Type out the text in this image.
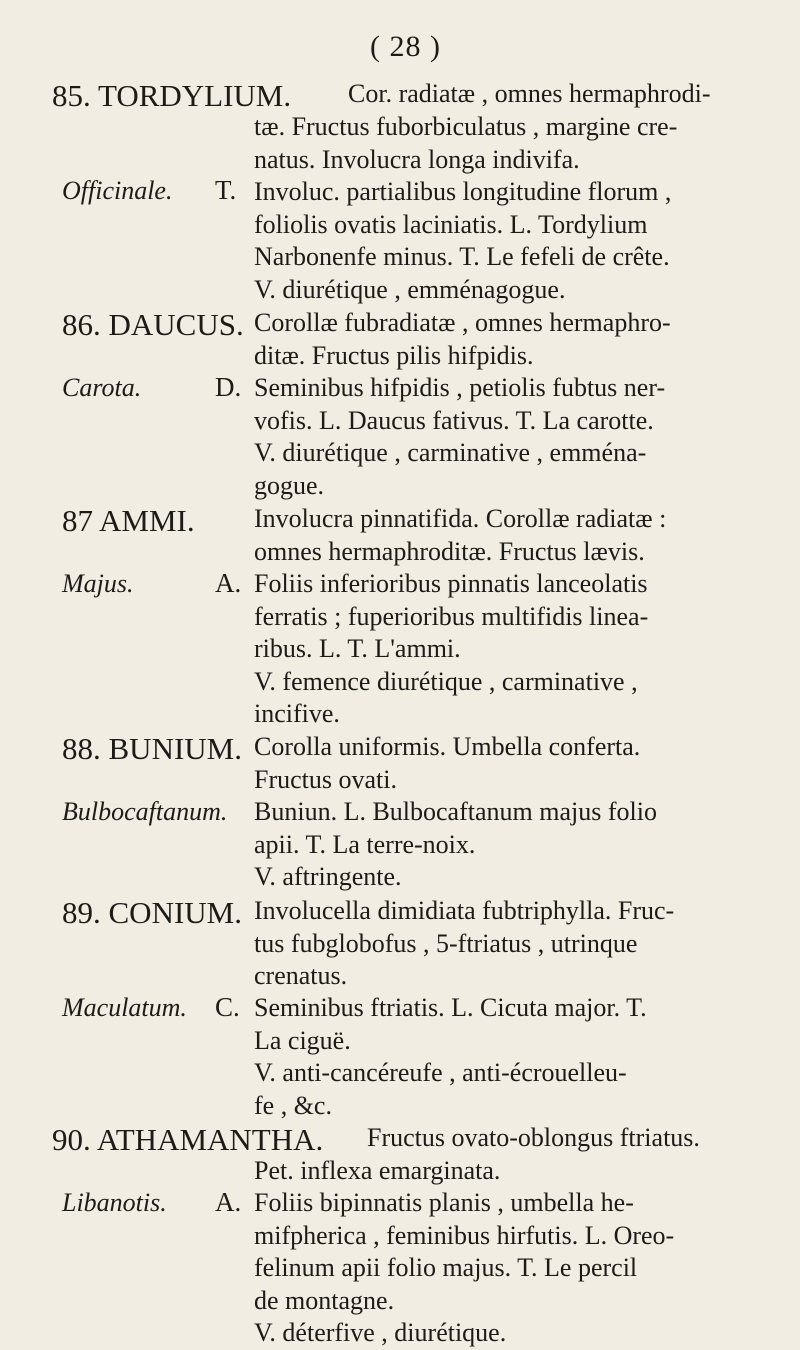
( 28 )
85. TORDYLIUM. Cor. radiatæ , omnes hermaphrodi-
tæ. Fructus fuborbiculatus , margine cre-
natus. Involucra longa indivifa.
Officinale. T. Involuc. partialibus longitudine florum ,
foliolis ovatis laciniatis. L. Tordylium
Narbonenfe minus. T. Le fefeli de crête.
V. diurétique , emménagogue.
86. DAUCUS. Corollæ fubradiatæ , omnes hermaphro-
ditæ. Fructus pilis hifpidis.
Carota.	D. Seminibus hifpidis , petiolis fubtus ner-
vofis. L. Daucus fativus. T. La carotte.
V. diurétique , carminative , emména-
gogue.
87 AMMI. Involucra pinnatifida. Corollæ radiatæ :
omnes hermaphroditæ. Fructus lævis.
Majus.	A. Foliis inferioribus pinnatis lanceolatis
ferratis ; fuperioribus multifidis linea-
ribus. L. T. L'ammi.
V. femence diurétique , carminative ,
incifive.
88. BUNIUM. Corolla uniformis. Umbella conferta.
Fructus ovati.
Bulbocaftanum. Buniun. L. Bulbocaftanum majus folio
apii. T. La terre-noix.
V. aftringente.
89. CONIUM. Involucella dimidiata fubtriphylla. Fruc-
tus fubglobofus , 5-ftriatus , utrinque
crenatus.
Maculatum. C. Seminibus ftriatis. L. Cicuta major. T.
La ciguë.
V. anti-cancéreufe , anti-écrouelleu-
fe , &c.
90. ATHAMANTHA. Fructus ovato-oblongus ftriatus.
Pet. inflexa emarginata.
Libanotis. A. Foliis bipinnatis planis , umbella he-
mifpherica , feminibus hirfutis. L. Oreo-
felinum apii folio majus. T. Le percil
de montagne.
V. déterfive , diurétique.
